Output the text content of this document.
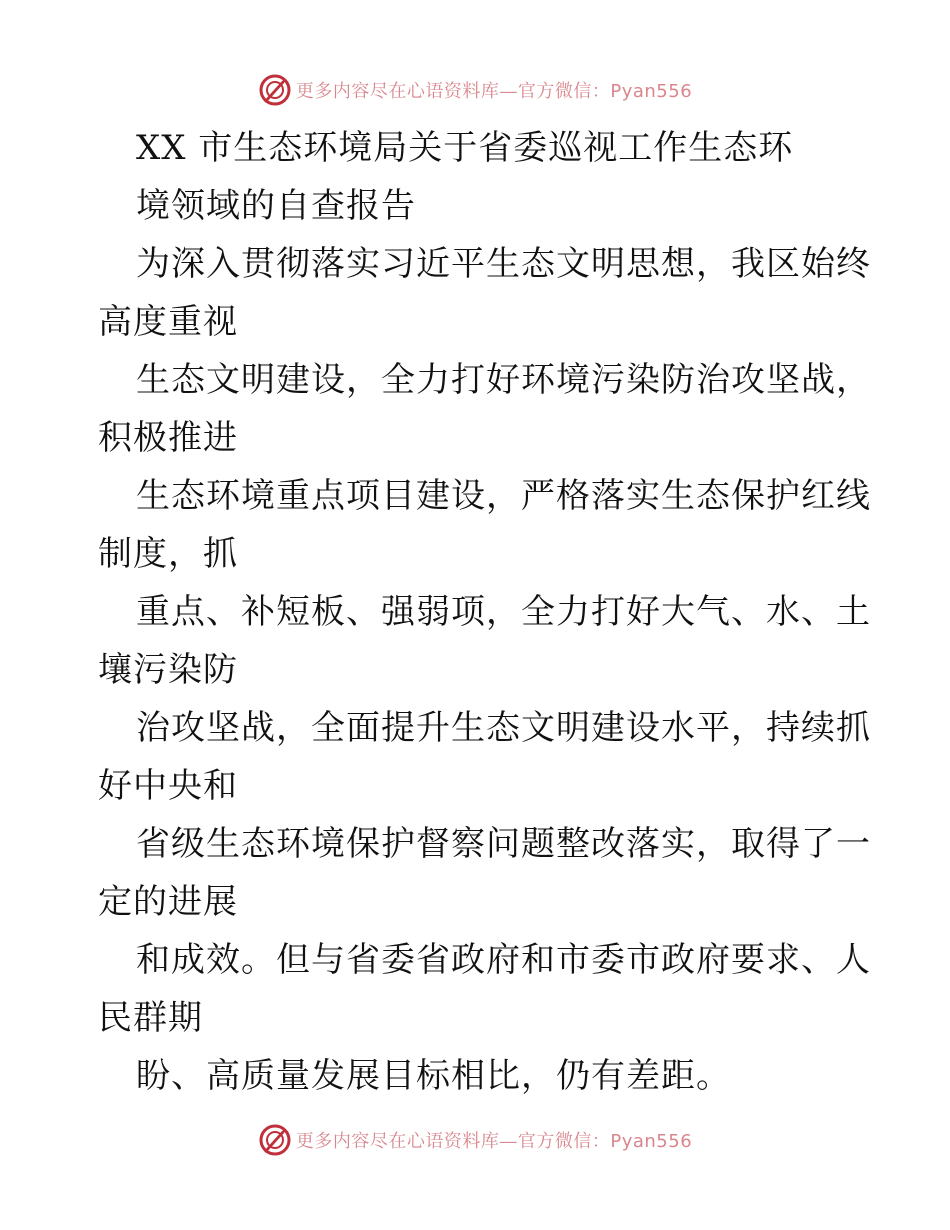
更多内容尽在心语资料库—官方微信：Pyan556
XX 市生态环境局关于省委巡视工作生态环
境领域的自查报告
为深入贯彻落实习近平生态文明思想，我区始终
高度重视
生态文明建设，全力打好环境污染防治攻坚战，
积极推进
生态环境重点项目建设，严格落实生态保护红线
制度，抓
重点、补短板、强弱项，全力打好大气、水、土
壤污染防
治攻坚战，全面提升生态文明建设水平，持续抓
好中央和
省级生态环境保护督察问题整改落实，取得了一
定的进展
和成效。但与省委省政府和市委市政府要求、人
民群期
盼、高质量发展目标相比，仍有差距。
更多内容尽在心语资料库—官方微信：Pyan556
